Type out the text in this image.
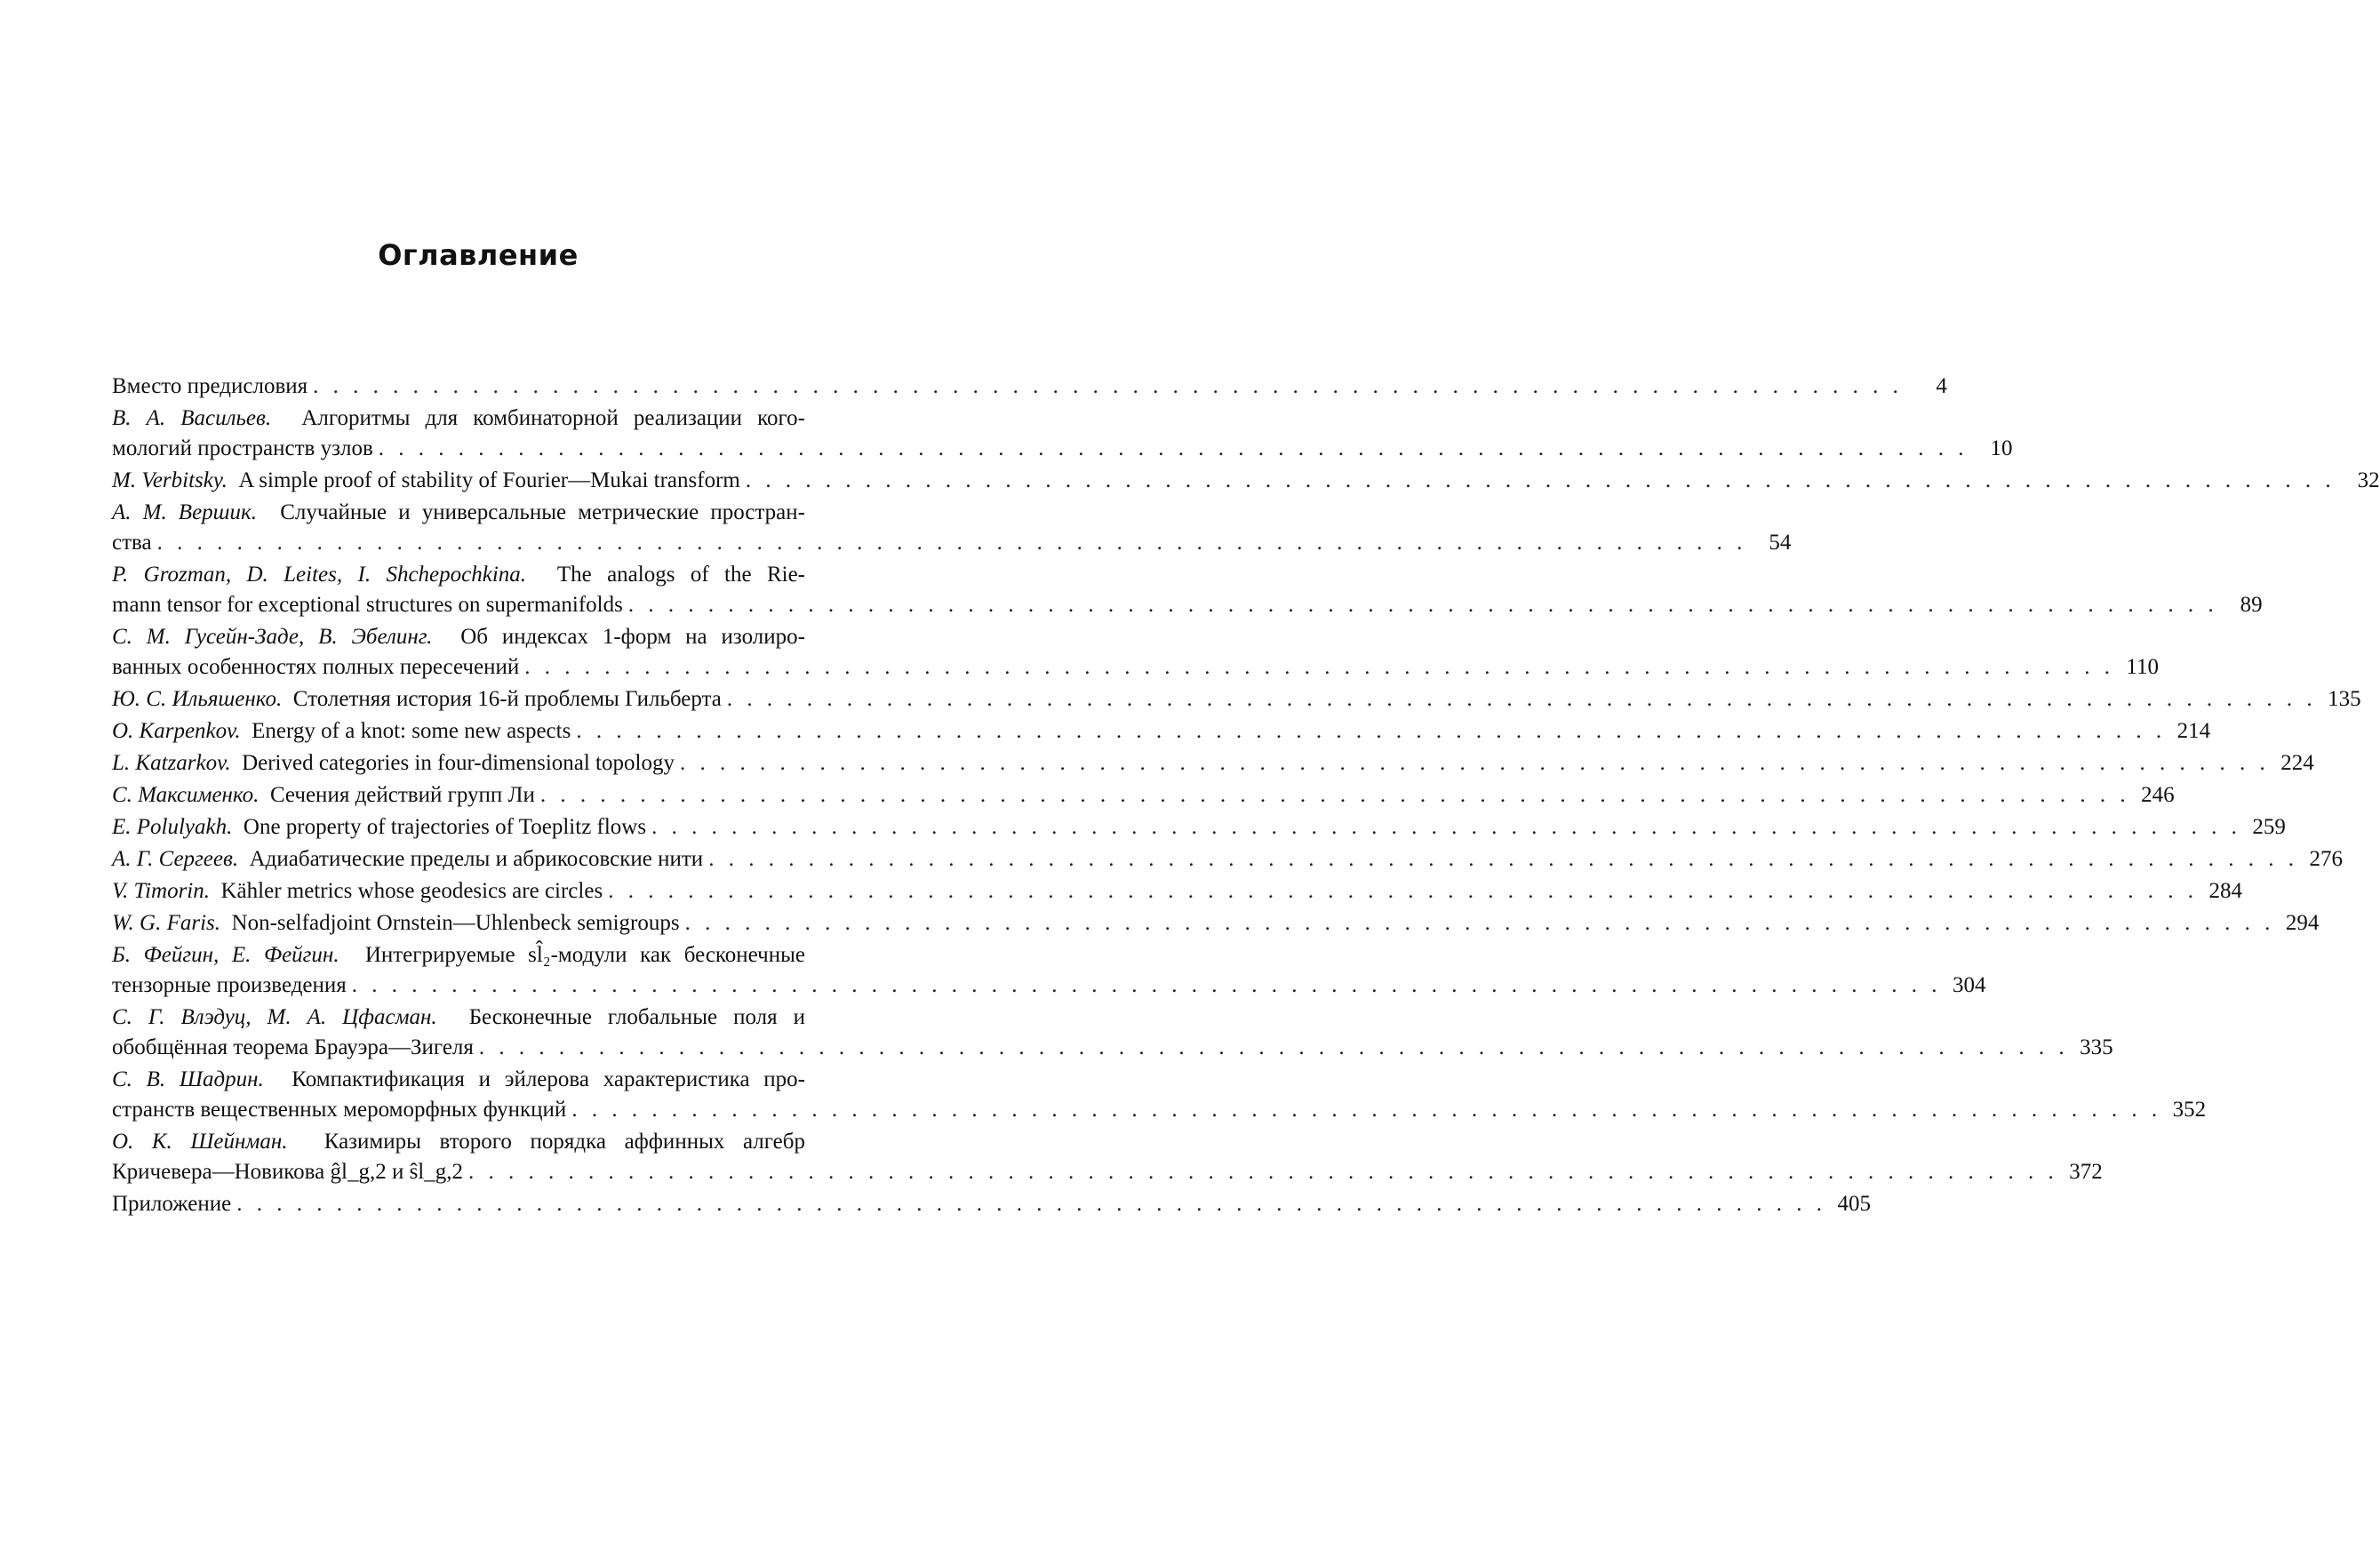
Оглавление
Вместо предисловия . . . . . . . . . . . . . . . . . . . . . . . . . . . . . . . . . . . . . . . . . . . . . . . . . . . . . . . . . . . . . . . . . . . . . . . . . . . . . . . .	4
В. А. Васильев. Алгоритмы для комбинаторной реализации кого-
мологий пространств узлов . . . . . . . . . . . . . . . . . . . . . . . . . . . . . . . . . . . . . . . . . . . . . . . . . . . . . . . . . . . . . . . . . . . . . . . . . . . . . . . .	10
M. Verbitsky. A simple proof of stability of Fourier—Mukai transform . . . . . . . . . . . . . . . . . . . . . . . . . . . . . . . . . . . . . . . . . . . . . . . . . . . . . . . . . . . . . . . . . . . . . . . . . . . . . . . .	32
А. М. Вершик. Случайные и универсальные метрические простран-
ства . . . . . . . . . . . . . . . . . . . . . . . . . . . . . . . . . . . . . . . . . . . . . . . . . . . . . . . . . . . . . . . . . . . . . . . . . . . . . . . .	54
P. Grozman, D. Leites, I. Shchepochkina. The analogs of the Rie-
mann tensor for exceptional structures on supermanifolds . . . . . . . . . . . . . . . . . . . . . . . . . . . . . . . . . . . . . . . . . . . . . . . . . . . . . . . . . . . . . . . . . . . . . . . . . . . . . . . .	89
С. М. Гусейн-Заде, В. Эбелинг. Об индексах 1-форм на изолиро-
ванных особенностях полных пересечений . . . . . . . . . . . . . . . . . . . . . . . . . . . . . . . . . . . . . . . . . . . . . . . . . . . . . . . . . . . . . . . . . . . . . . . . . . . . . . . . 110
Ю. С. Ильяшенко. Столетняя история 16-й проблемы Гильберта . . . . . . . . . . . . . . . . . . . . . . . . . . . . . . . . . . . . . . . . . . . . . . . . . . . . . . . . . . . . . . . . . . . . . . . . . . . . . . . . 135
O. Karpenkov. Energy of a knot: some new aspects . . . . . . . . . . . . . . . . . . . . . . . . . . . . . . . . . . . . . . . . . . . . . . . . . . . . . . . . . . . . . . . . . . . . . . . . . . . . . . . . 214
L. Katzarkov. Derived categories in four-dimensional topology . . . . . . . . . . . . . . . . . . . . . . . . . . . . . . . . . . . . . . . . . . . . . . . . . . . . . . . . . . . . . . . . . . . . . . . . . . . . . . . . 224
С. Максименко. Сечения действий групп Ли . . . . . . . . . . . . . . . . . . . . . . . . . . . . . . . . . . . . . . . . . . . . . . . . . . . . . . . . . . . . . . . . . . . . . . . . . . . . . . . . 246
E. Polulyakh. One property of trajectories of Toeplitz flows . . . . . . . . . . . . . . . . . . . . . . . . . . . . . . . . . . . . . . . . . . . . . . . . . . . . . . . . . . . . . . . . . . . . . . . . . . . . . . . . 259
А. Г. Сергеев. Адиабатические пределы и абрикосовские нити . . . . . . . . . . . . . . . . . . . . . . . . . . . . . . . . . . . . . . . . . . . . . . . . . . . . . . . . . . . . . . . . . . . . . . . . . . . . . . . . 276
V. Timorin. Kähler metrics whose geodesics are circles . . . . . . . . . . . . . . . . . . . . . . . . . . . . . . . . . . . . . . . . . . . . . . . . . . . . . . . . . . . . . . . . . . . . . . . . . . . . . . . . 284
W. G. Faris. Non-selfadjoint Ornstein—Uhlenbeck semigroups . . . . . . . . . . . . . . . . . . . . . . . . . . . . . . . . . . . . . . . . . . . . . . . . . . . . . . . . . . . . . . . . . . . . . . . . . . . . . . . . 294
Б. Фейгин, Е. Фейгин. Интегрируемые sl̂₂-модули как бесконечные
тензорные произведения . . . . . . . . . . . . . . . . . . . . . . . . . . . . . . . . . . . . . . . . . . . . . . . . . . . . . . . . . . . . . . . . . . . . . . . . . . . . . . . . 304
С. Г. Влэдуц, М. А. Цфасман. Бесконечные глобальные поля и
обобщённая теорема Брауэра—Зигеля . . . . . . . . . . . . . . . . . . . . . . . . . . . . . . . . . . . . . . . . . . . . . . . . . . . . . . . . . . . . . . . . . . . . . . . . . . . . . . . . 335
С. В. Шадрин. Компактификация и эйлерова характеристика про-
странств вещественных мероморфных функций . . . . . . . . . . . . . . . . . . . . . . . . . . . . . . . . . . . . . . . . . . . . . . . . . . . . . . . . . . . . . . . . . . . . . . . . . . . . . . . . 352
О. К. Шейнман. Казимиры второго порядка аффинных алгебр
Кричевера—Новикова ĝl_g,2 и ŝl_g,2 . . . . . . . . . . . . . . . . . . . . . . . . . . . . . . . . . . . . . . . . . . . . . . . . . . . . . . . . . . . . . . . . . . . . . . . . . . . . . . . . 372
Приложение . . . . . . . . . . . . . . . . . . . . . . . . . . . . . . . . . . . . . . . . . . . . . . . . . . . . . . . . . . . . . . . . . . . . . . . . . . . . . . . . 405
